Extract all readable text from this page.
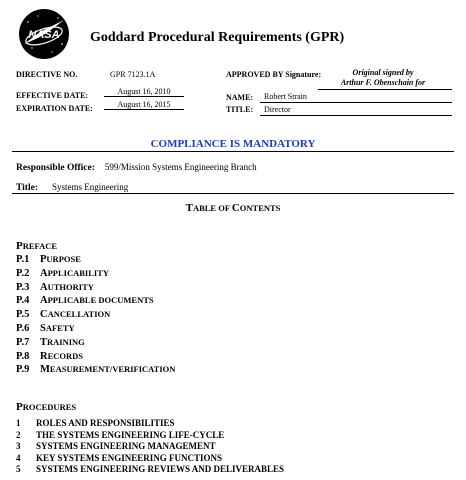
NASA Goddard Procedural Requirements (GPR)
DIRECTIVE NO.	GPR 7123.1A
EFFECTIVE DATE:	August 16, 2010
EXPIRATION DATE:	August 16, 2015
APPROVED BY Signature:	Original signed by
Arthur F. Obenschain for
NAME: Robert Strain
TITLE: Director
COMPLIANCE IS MANDATORY
Responsible Office: 599/Mission Systems Engineering Branch
Title: Systems Engineering
TABLE OF CONTENTS
PREFACE
P.1 PURPOSE
P.2 APPLICABILITY
P.3 AUTHORITY
P.4 APPLICABLE DOCUMENTS
P.5 CANCELLATION
P.6 SAFETY
P.7 TRAINING
P.8 RECORDS
P.9 MEASUREMENT/VERIFICATION
PROCEDURES
1 ROLES AND RESPONSIBILITIES
2 THE SYSTEMS ENGINEERING LIFE-CYCLE
3 SYSTEMS ENGINEERING MANAGEMENT
4 KEY SYSTEMS ENGINEERING FUNCTIONS
5 SYSTEMS ENGINEERING REVIEWS AND DELIVERABLES
